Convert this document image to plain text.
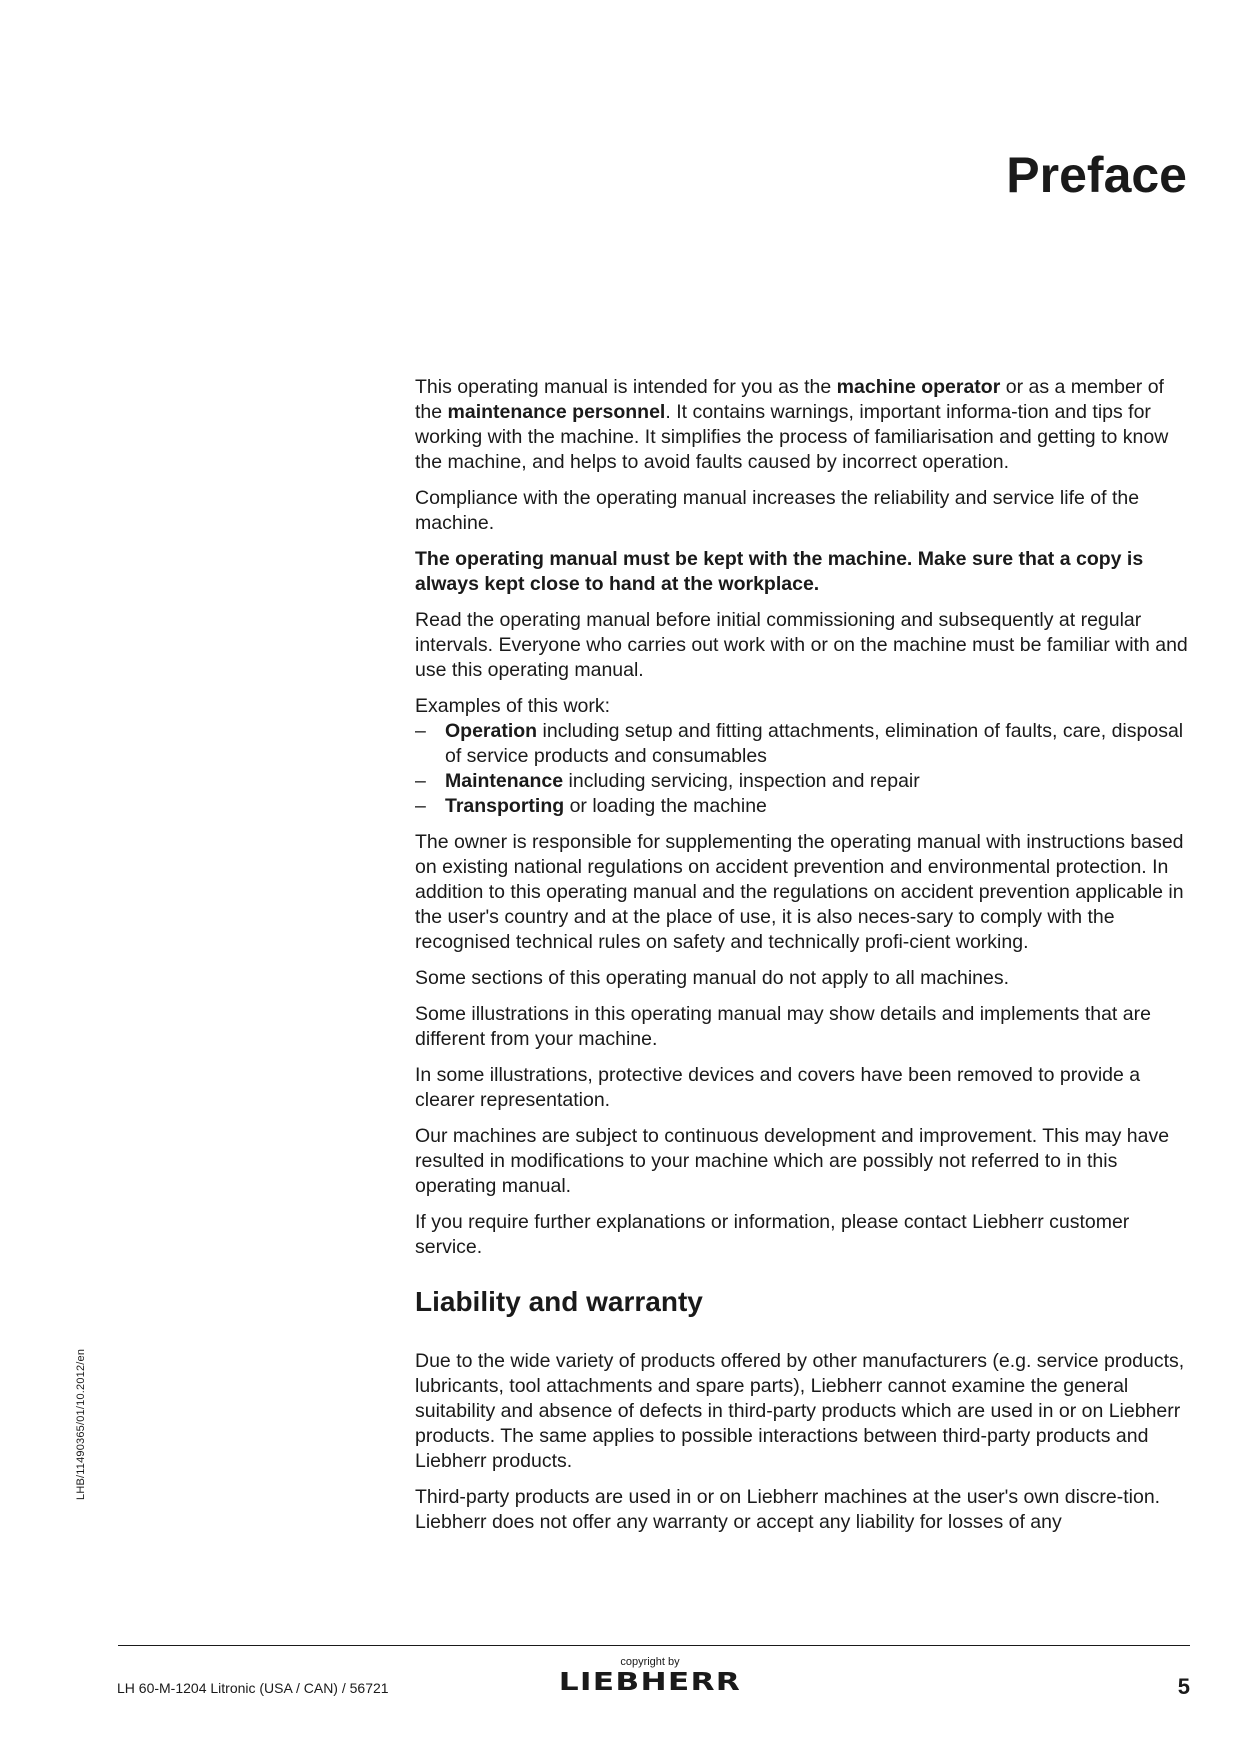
Preface

This operating manual is intended for you as the machine operator or as a member of the maintenance personnel. It contains warnings, important informa-tion and tips for working with the machine. It simplifies the process of familiarisation and getting to know the machine, and helps to avoid faults caused by incorrect operation.

Compliance with the operating manual increases the reliability and service life of the machine.

The operating manual must be kept with the machine. Make sure that a copy is always kept close to hand at the workplace.

Read the operating manual before initial commissioning and subsequently at regular intervals. Everyone who carries out work with or on the machine must be familiar with and use this operating manual.

Examples of this work:

– Operation including setup and fitting attachments, elimination of faults, care, disposal of service products and consumables
– Maintenance including servicing, inspection and repair
– Transporting or loading the machine

The owner is responsible for supplementing the operating manual with instructions based on existing national regulations on accident prevention and environmental protection. In addition to this operating manual and the regulations on accident prevention applicable in the user's country and at the place of use, it is also neces-sary to comply with the recognised technical rules on safety and technically profi-cient working.

Some sections of this operating manual do not apply to all machines.

Some illustrations in this operating manual may show details and implements that are different from your machine.

In some illustrations, protective devices and covers have been removed to provide a clearer representation.

Our machines are subject to continuous development and improvement. This may have resulted in modifications to your machine which are possibly not referred to in this operating manual.

If you require further explanations or information, please contact Liebherr customer service.

Liability and warranty

Due to the wide variety of products offered by other manufacturers (e.g. service products, lubricants, tool attachments and spare parts), Liebherr cannot examine the general suitability and absence of defects in third-party products which are used in or on Liebherr products. The same applies to possible interactions between third-party products and Liebherr products.

Third-party products are used in or on Liebherr machines at the user's own discre-tion. Liebherr does not offer any warranty or accept any liability for losses of any

LHB/11490365/01/10.2012/en
LH 60-M-1204 Litronic (USA / CAN) / 56721
copyright by
LIEBHERR	5
